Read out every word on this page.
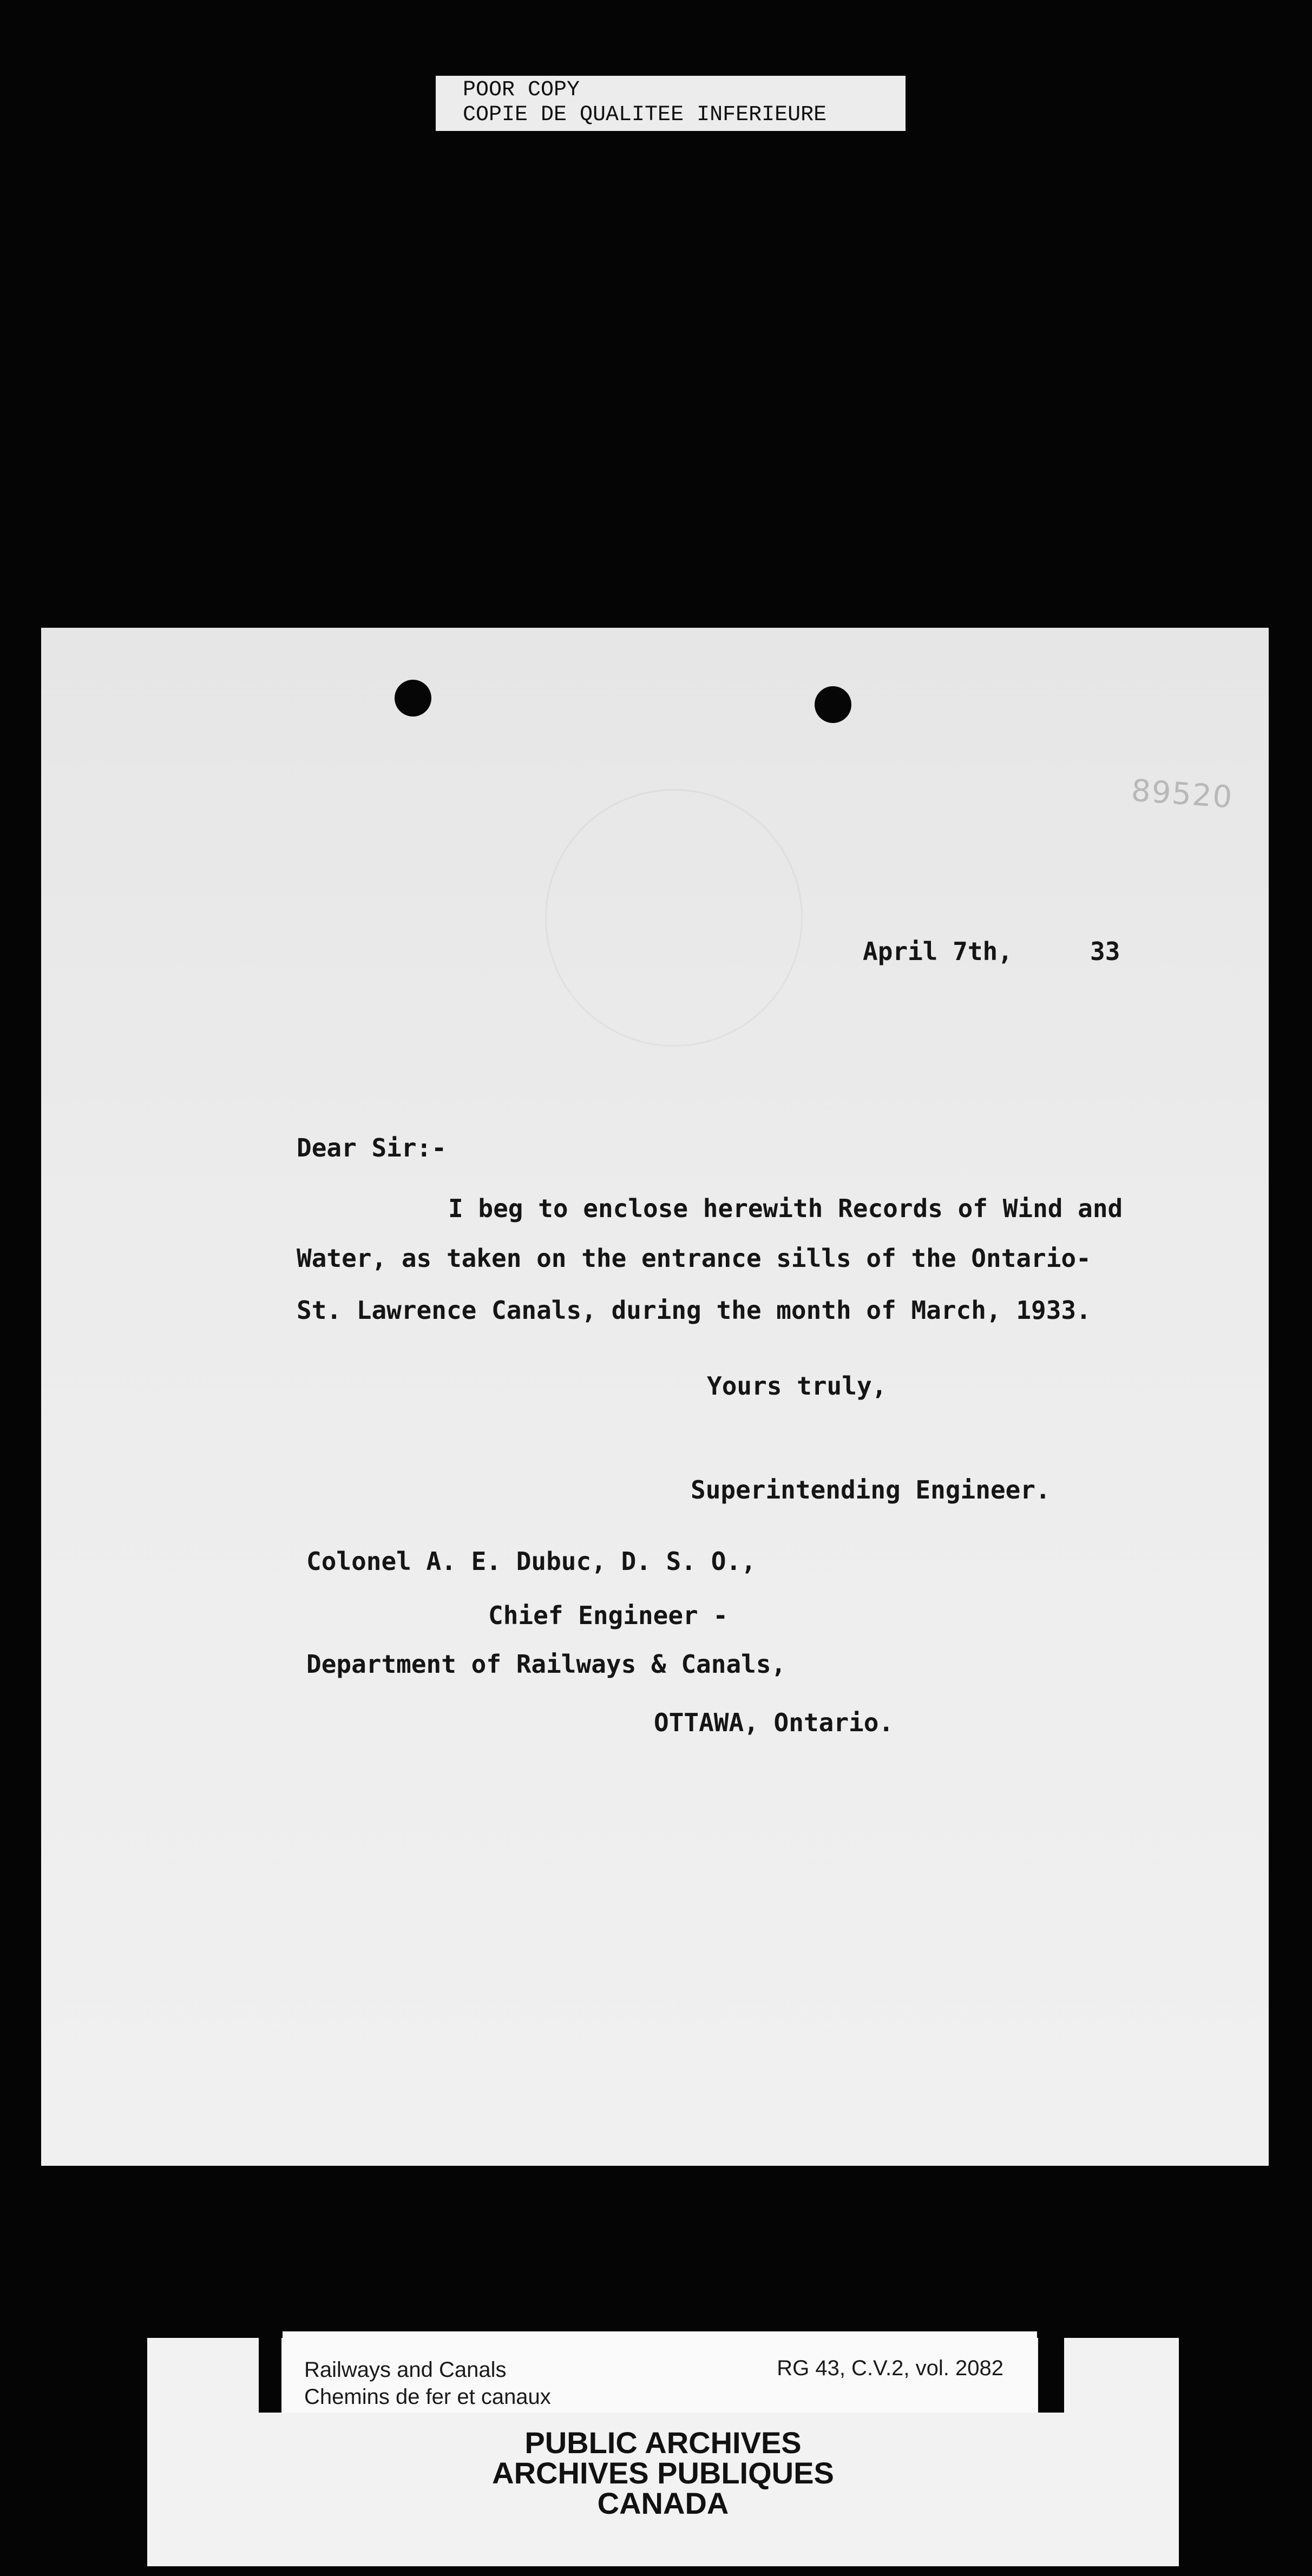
POOR COPY
COPIE DE QUALITEE INFERIEURE
89520
April 7th,	33
Dear Sir:-
I beg to enclose herewith Records of Wind and
Water, as taken on the entrance sills of the Ontario-
St. Lawrence Canals, during the month of March, 1933.
Yours truly,
Superintending Engineer.
Colonel A. E. Dubuc, D. S. O.,
Chief Engineer -
Department of Railways & Canals,
OTTAWA, Ontario.
Railways and Canals
Chemins de fer et canaux
RG 43, C.V.2, vol. 2082
PUBLIC ARCHIVES
ARCHIVES PUBLIQUES
CANADA
